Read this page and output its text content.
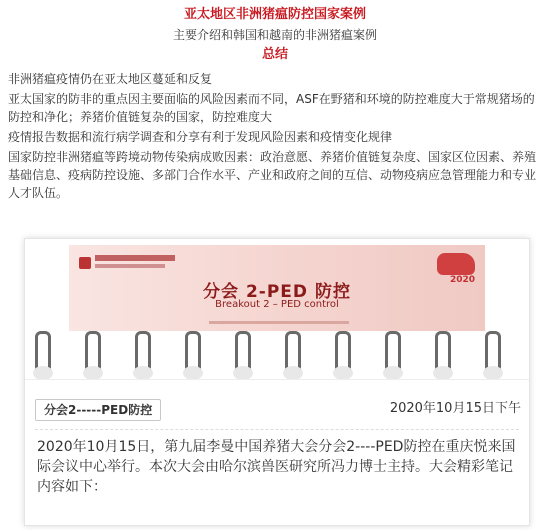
亚太地区非洲猪瘟防控国家案例
主要介绍和韩国和越南的非洲猪瘟案例
总结

非洲猪瘟疫情仍在亚太地区蔓延和反复

亚太国家的防非的重点因主要面临的风险因素而不同，ASF在野猪和环境的防控难度大于常规猪场的防控和净化；养猪价值链复杂的国家，防控难度大

疫情报告数据和流行病学调查和分享有利于发现风险因素和疫情变化规律

国家防控非洲猪瘟等跨境动物传染病成败因素：政治意愿、养猪价值链复杂度、国家区位因素、养殖基础信息、疫病防控设施、多部门合作水平、产业和政府之间的互信、动物疫病应急管理能力和专业人才队伍。

2020
分会 2-PED 防控
Breakout 2 – PED control
分会2-----PED防控	2020年10月15日下午
2020年10月15日，第九届李曼中国养猪大会分会2----PED防控在重庆悦来国际会议中心举行。本次大会由哈尔滨兽医研究所冯力博士主持。大会精彩笔记内容如下：
